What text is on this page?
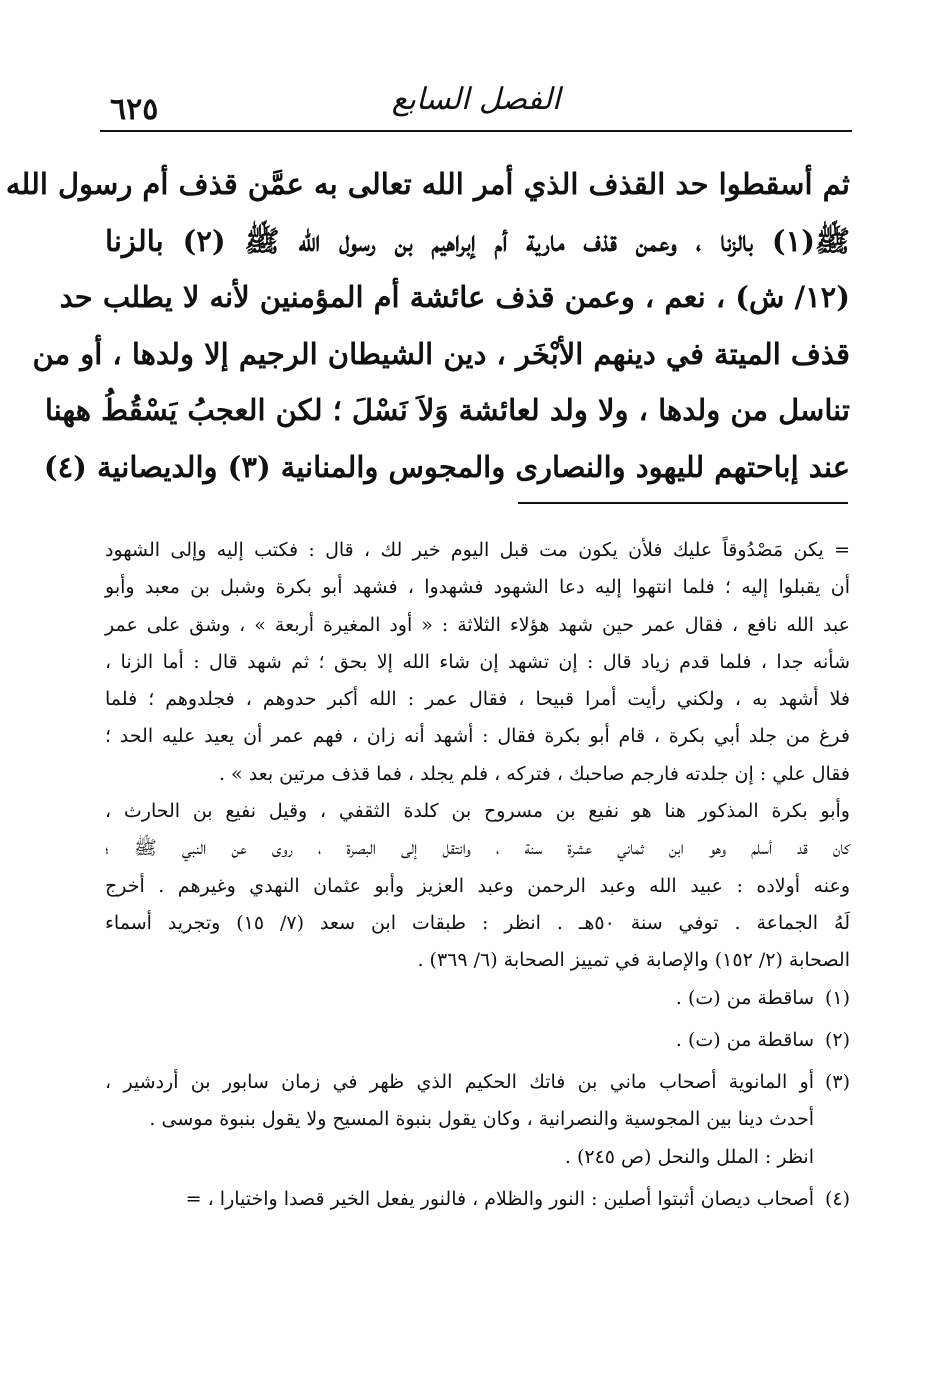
٦٢٥	الفصل السابع
ثم أسقطوا حد القذف الذي أمر الله تعالى به عمَّن قذف أم رسول الله
ﷺ(١) بالزنا ، وعمن قذف مارية أم إبراهيم بن رسول الله ﷺ (٢) بالزنا
(١٢/ ش) ، نعم ، وعمن قذف عائشة أم المؤمنين لأنه لا يطلب حد
قذف الميتة في دينهم الأبْخَر ، دين الشيطان الرجيم إلا ولدها ، أو من
تناسل من ولدها ، ولا ولد لعائشة وَلاَ نَسْلَ ؛ لكن العجبُ يَسْقُطُ ههنا
عند إباحتهم لليهود والنصارى والمجوس والمنانية (٣) والديصانية (٤)
= يكن مَصْدُوقاً عليك فلأن يكون مت قبل اليوم خير لك ، قال : فكتب إليه وإلى الشهود
أن يقبلوا إليه ؛ فلما انتهوا إليه دعا الشهود فشهدوا ، فشهد أبو بكرة وشبل بن معبد وأبو
عبد الله نافع ، فقال عمر حين شهد هؤلاء الثلاثة : « أود المغيرة أربعة » ، وشق على عمر
شأنه جدا ، فلما قدم زياد قال : إن تشهد إن شاء الله إلا بحق ؛ ثم شهد قال : أما الزنا ،
فلا أشهد به ، ولكني رأيت أمرا قبيحا ، فقال عمر : الله أكبر حدوهم ، فجلدوهم ؛ فلما
فرغ من جلد أبي بكرة ، قام أبو بكرة فقال : أشهد أنه زان ، فهم عمر أن يعيد عليه الحد ؛
فقال علي : إن جلدته فارجم صاحبك ، فتركه ، فلم يجلد ، فما قذف مرتين بعد » .
وأبو بكرة المذكور هنا هو نفيع بن مسروح بن كلدة الثقفي ، وقيل نفيع بن الحارث ،
كان قد أسلم وهو ابن ثماني عشرة سنة ، وانتقل إلى البصرة ، روى عن النبي ﷺ ؛
وعنه أولاده : عبيد الله وعبد الرحمن وعبد العزيز وأبو عثمان النهدي وغيرهم . أخرج
لَهُ الجماعة . توفي سنة ٥٠هـ . انظر : طبقات ابن سعد (٧/ ١٥) وتجريد أسماء
الصحابة (٢/ ١٥٢) والإصابة في تمييز الصحابة (٦/ ٣٦٩) .
(١)ساقطة من (ت) .
(٢)ساقطة من (ت) .
(٣)أو المانوية أصحاب ماني بن فاتك الحكيم الذي ظهر في زمان سابور بن أردشير ،
أحدث دينا بين المجوسية والنصرانية ، وكان يقول بنبوة المسيح ولا يقول بنبوة موسى .
انظر : الملل والنحل (ص ٢٤٥) .
(٤)أصحاب ديصان أثبتوا أصلين : النور والظلام ، فالنور يفعل الخير قصدا واختيارا ، =
